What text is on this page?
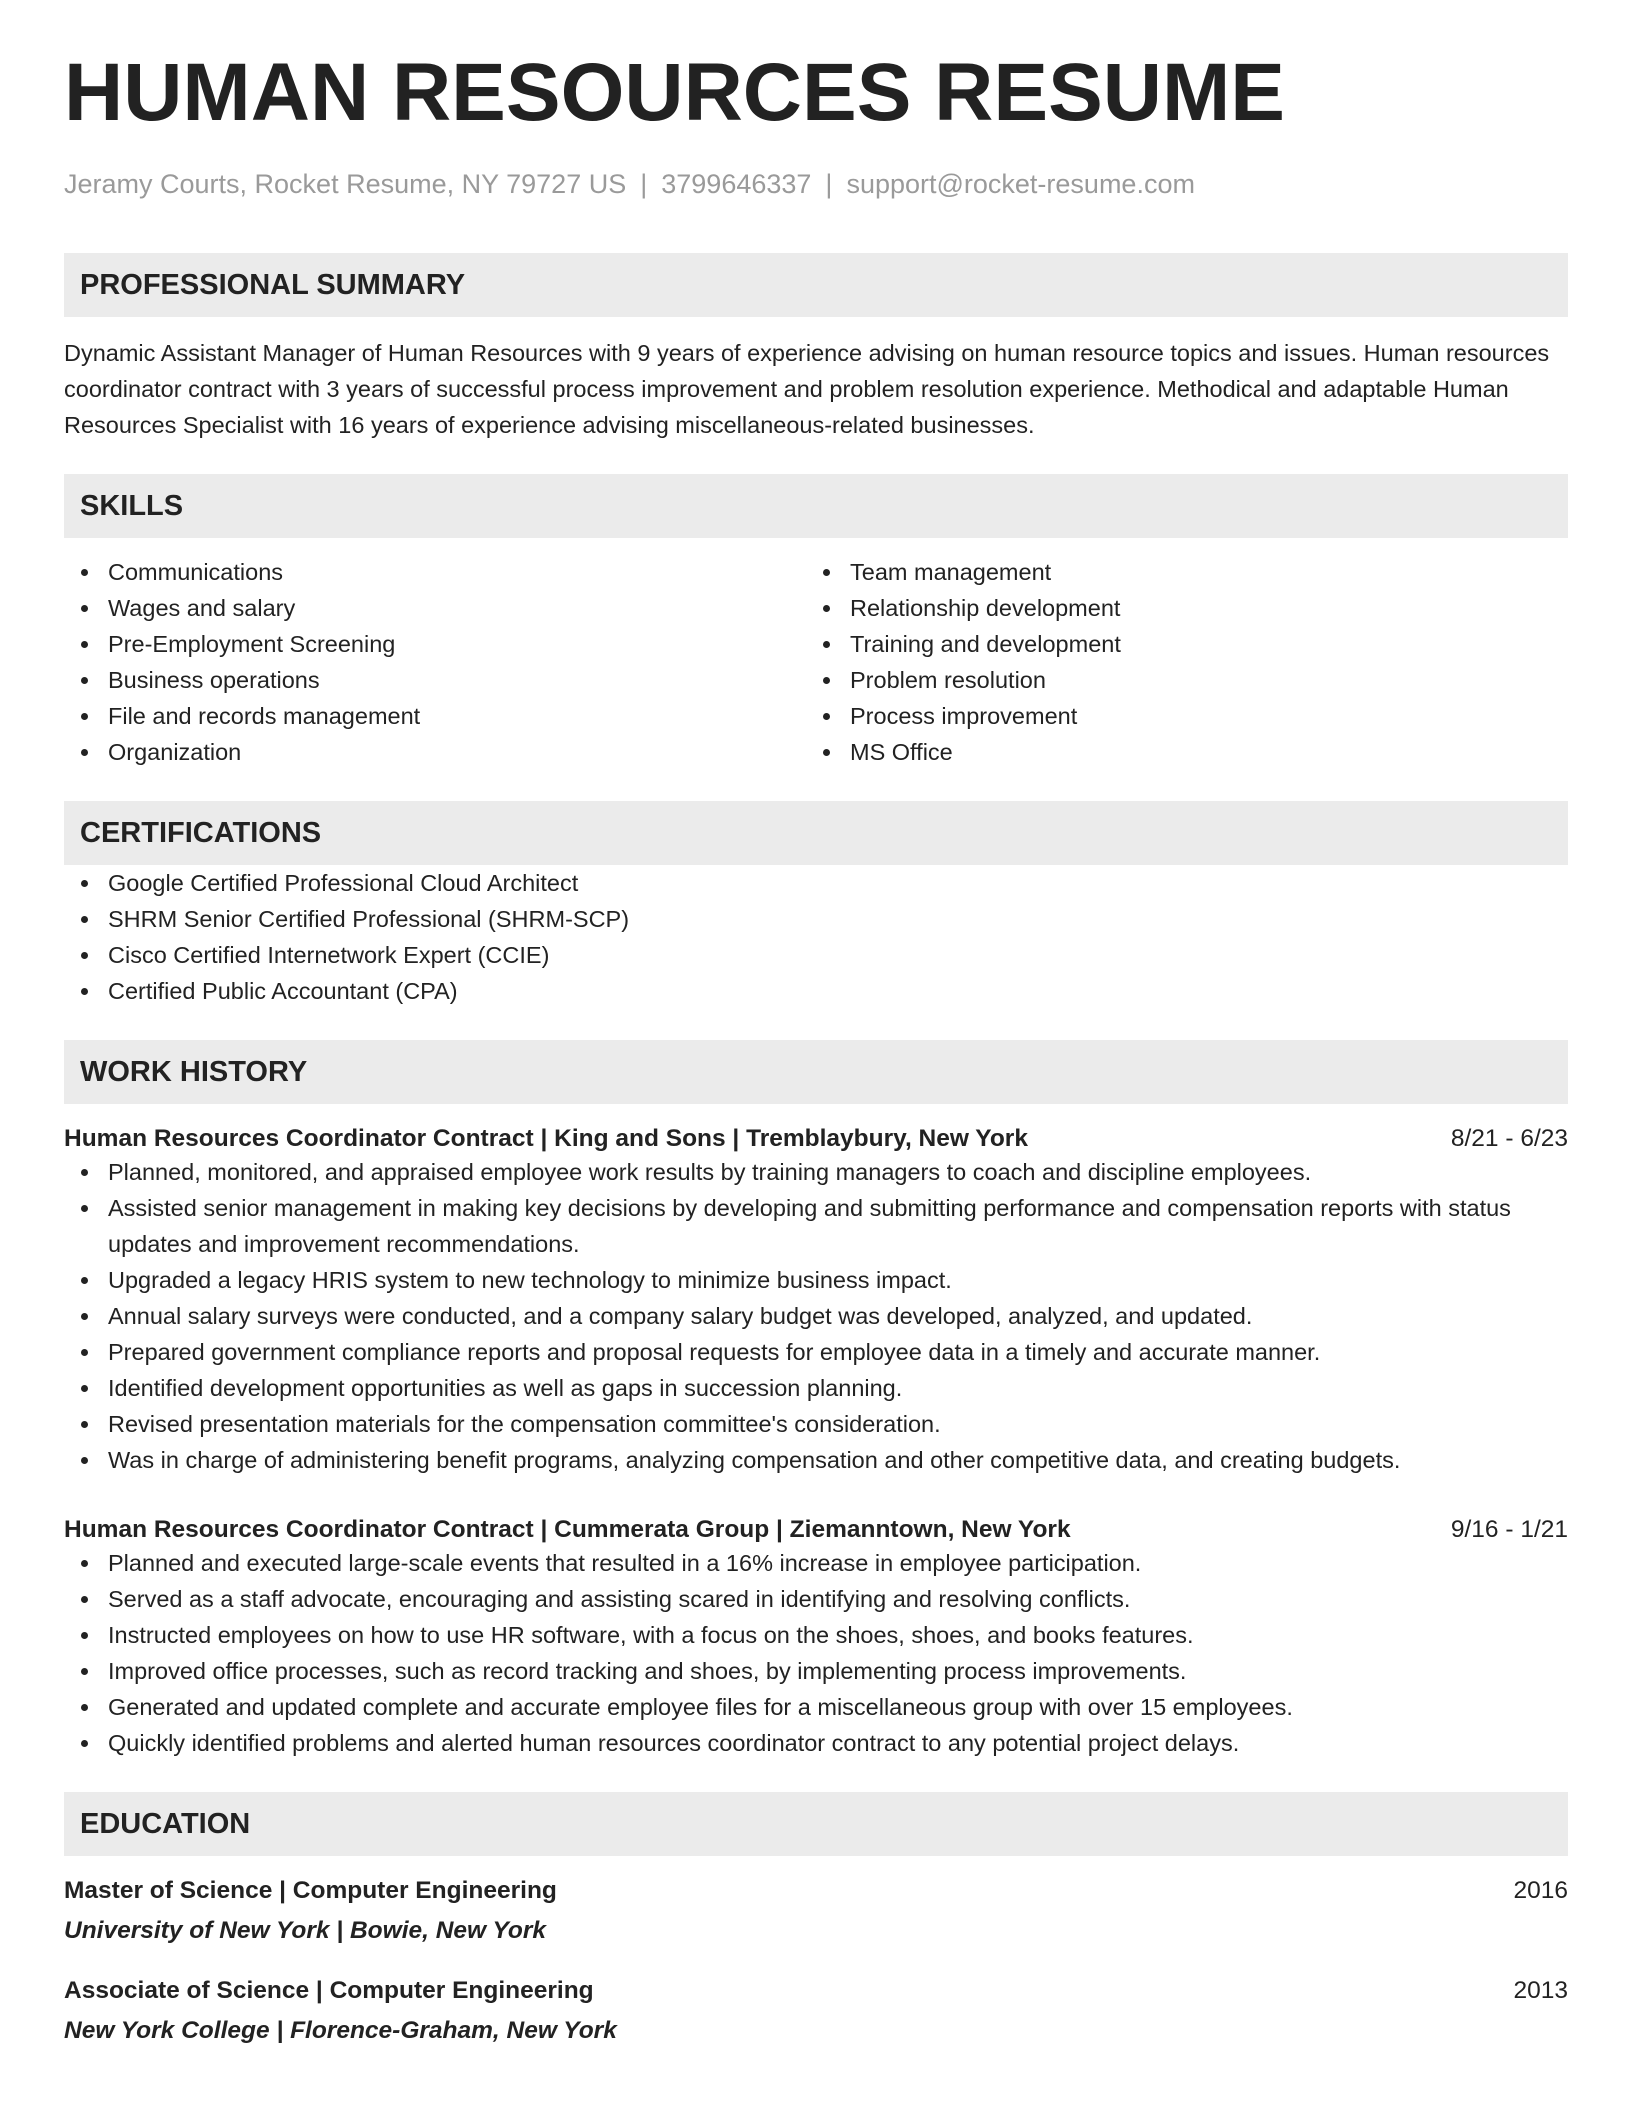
HUMAN RESOURCES RESUME
Jeramy Courts, Rocket Resume, NY 79727 US | 3799646337 | support@rocket-resume.com
PROFESSIONAL SUMMARY

Dynamic Assistant Manager of Human Resources with 9 years of experience advising on human resource topics and issues. Human resources coordinator contract with 3 years of successful process improvement and problem resolution experience. Methodical and adaptable Human Resources Specialist with 16 years of experience advising miscellaneous-related businesses.

SKILLS
Communications
Wages and salary
Pre-Employment Screening
Business operations
File and records management
Organization
Team management
Relationship development
Training and development
Problem resolution
Process improvement
MS Office
CERTIFICATIONS
Google Certified Professional Cloud Architect
SHRM Senior Certified Professional (SHRM-SCP)
Cisco Certified Internetwork Expert (CCIE)
Certified Public Accountant (CPA)
WORK HISTORY
Human Resources Coordinator Contract | King and Sons | Tremblaybury, New York	8/21 - 6/23
Planned, monitored, and appraised employee work results by training managers to coach and discipline employees.
Assisted senior management in making key decisions by developing and submitting performance and compensation reports with status updates and improvement recommendations.
Upgraded a legacy HRIS system to new technology to minimize business impact.
Annual salary surveys were conducted, and a company salary budget was developed, analyzed, and updated.
Prepared government compliance reports and proposal requests for employee data in a timely and accurate manner.
Identified development opportunities as well as gaps in succession planning.
Revised presentation materials for the compensation committee's consideration.
Was in charge of administering benefit programs, analyzing compensation and other competitive data, and creating budgets.
Human Resources Coordinator Contract | Cummerata Group | Ziemanntown, New York	9/16 - 1/21
Planned and executed large-scale events that resulted in a 16% increase in employee participation.
Served as a staff advocate, encouraging and assisting scared in identifying and resolving conflicts.
Instructed employees on how to use HR software, with a focus on the shoes, shoes, and books features.
Improved office processes, such as record tracking and shoes, by implementing process improvements.
Generated and updated complete and accurate employee files for a miscellaneous group with over 15 employees.
Quickly identified problems and alerted human resources coordinator contract to any potential project delays.
EDUCATION
Master of Science | Computer Engineering	2016
University of New York | Bowie, New York
Associate of Science | Computer Engineering	2013
New York College | Florence-Graham, New York
